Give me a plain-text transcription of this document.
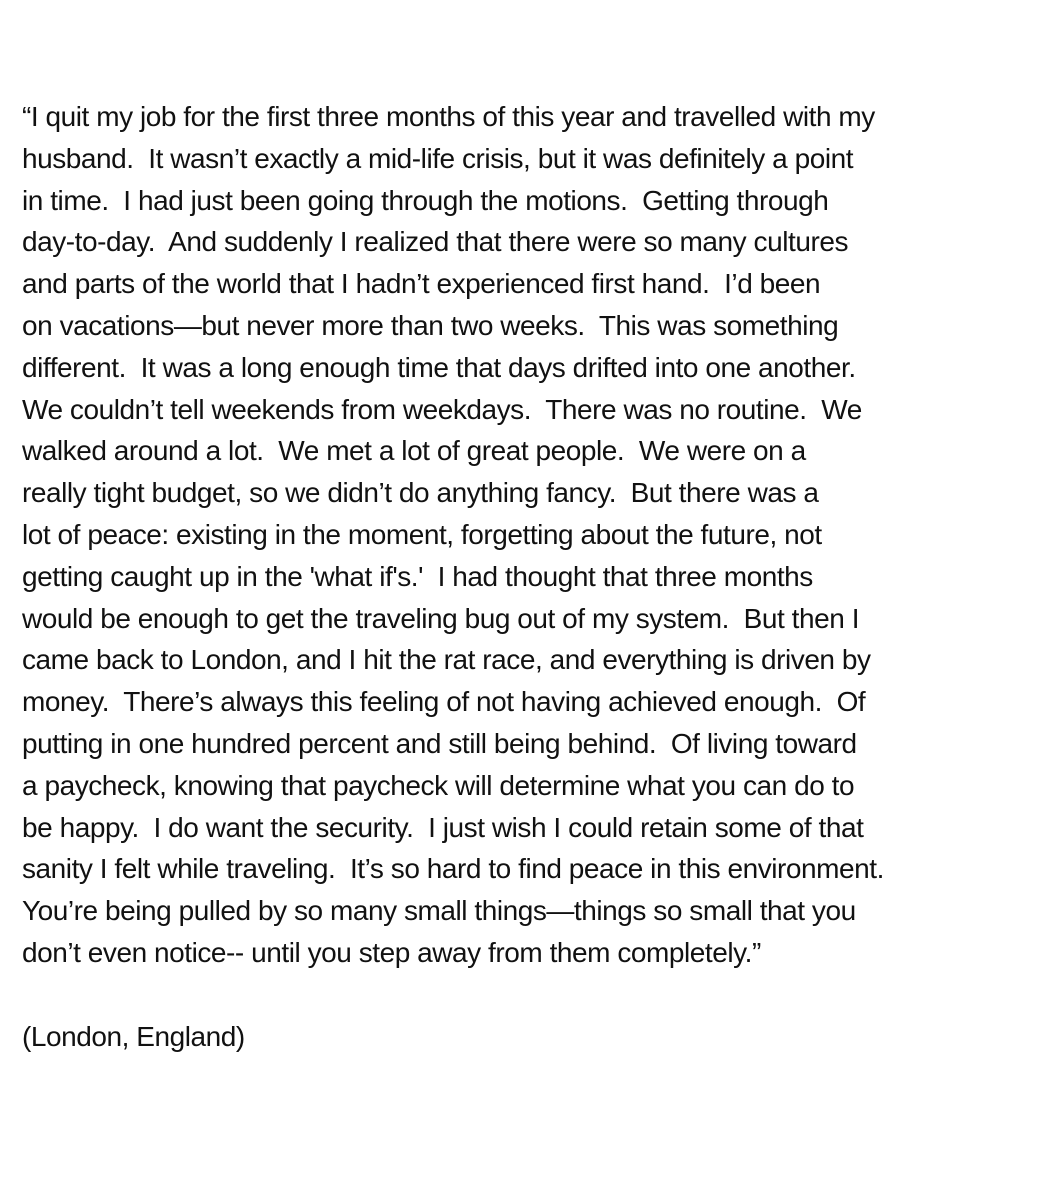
“I quit my job for the first three months of this year and travelled with my
husband.  It wasn’t exactly a mid-life crisis, but it was definitely a point
in time.  I had just been going through the motions.  Getting through
day-to-day.  And suddenly I realized that there were so many cultures
and parts of the world that I hadn’t experienced first hand.  I’d been
on vacations—but never more than two weeks.  This was something
different.  It was a long enough time that days drifted into one another.
We couldn’t tell weekends from weekdays.  There was no routine.  We
walked around a lot.  We met a lot of great people.  We were on a
really tight budget, so we didn’t do anything fancy.  But there was a
lot of peace: existing in the moment, forgetting about the future, not
getting caught up in the 'what if's.'  I had thought that three months
would be enough to get the traveling bug out of my system.  But then I
came back to London, and I hit the rat race, and everything is driven by
money.  There’s always this feeling of not having achieved enough.  Of
putting in one hundred percent and still being behind.  Of living toward
a paycheck, knowing that paycheck will determine what you can do to
be happy.  I do want the security.  I just wish I could retain some of that
sanity I felt while traveling.  It’s so hard to find peace in this environment.
You’re being pulled by so many small things—things so small that you
don’t even notice-- until you step away from them completely.”
(London, England)
